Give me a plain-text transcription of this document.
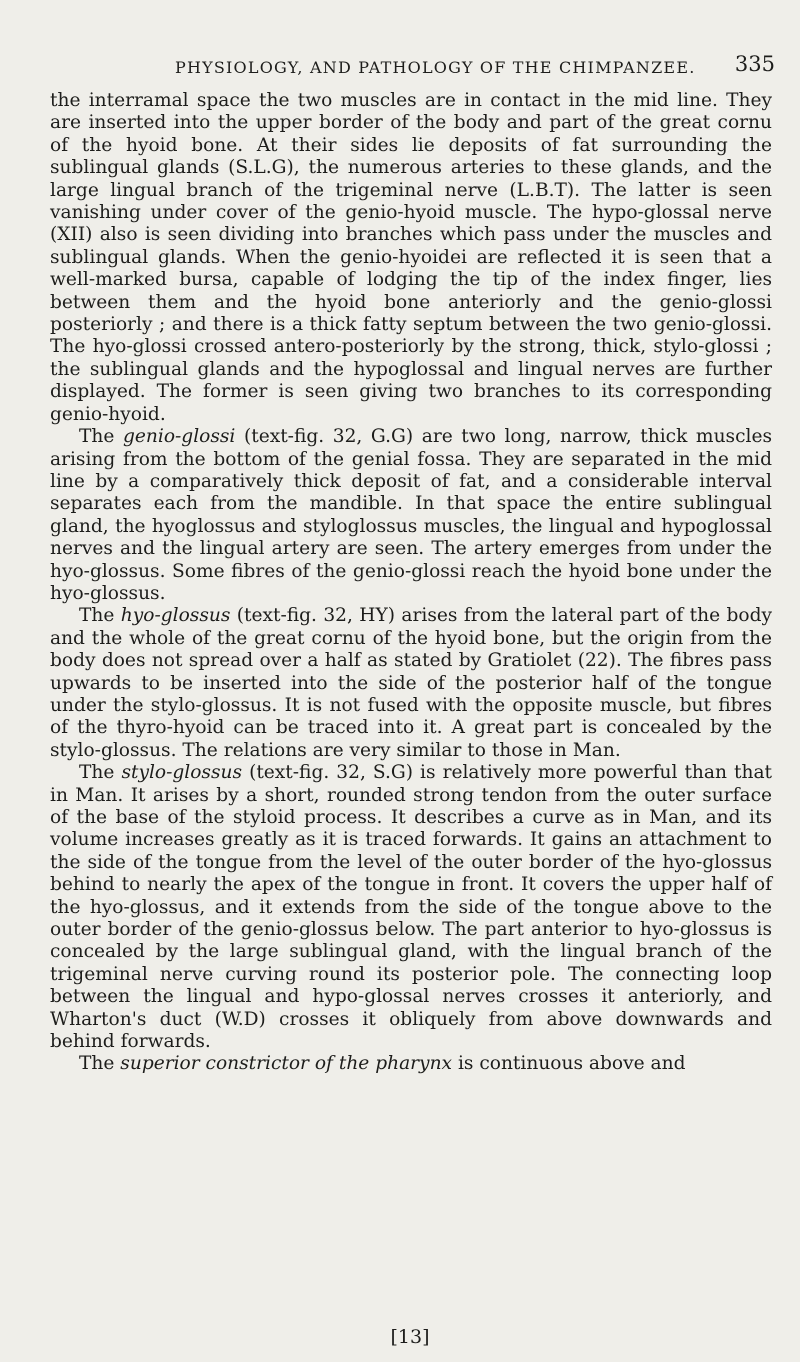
PHYSIOLOGY, AND PATHOLOGY OF THE CHIMPANZEE. 335

the interramal space the two muscles are in contact in the mid line. They are inserted into the upper border of the body and part of the great cornu of the hyoid bone. At their sides lie deposits of fat surrounding the sublingual glands (S.L.G), the numerous arteries to these glands, and the large lingual branch of the trigeminal nerve (L.B.T). The latter is seen vanishing under cover of the genio-hyoid muscle. The hypo-glossal nerve (XII) also is seen dividing into branches which pass under the muscles and sublingual glands. When the genio-hyoidei are reflected it is seen that a well-marked bursa, capable of lodging the tip of the index finger, lies between them and the hyoid bone anteriorly and the genio-glossi posteriorly ; and there is a thick fatty septum between the two genio-glossi. The hyo-glossi crossed antero-posteriorly by the strong, thick, stylo-glossi ; the sublingual glands and the hypoglossal and lingual nerves are further displayed. The former is seen giving two branches to its corresponding genio-hyoid.

The genio-glossi (text-fig. 32, G.G) are two long, narrow, thick muscles arising from the bottom of the genial fossa. They are separated in the mid line by a comparatively thick deposit of fat, and a considerable interval separates each from the mandible. In that space the entire sublingual gland, the hyoglossus and styloglossus muscles, the lingual and hypoglossal nerves and the lingual artery are seen. The artery emerges from under the hyo-glossus. Some fibres of the genio-glossi reach the hyoid bone under the hyo-glossus.

The hyo-glossus (text-fig. 32, HY) arises from the lateral part of the body and the whole of the great cornu of the hyoid bone, but the origin from the body does not spread over a half as stated by Gratiolet (22). The fibres pass upwards to be inserted into the side of the posterior half of the tongue under the stylo-glossus. It is not fused with the opposite muscle, but fibres of the thyro-hyoid can be traced into it. A great part is concealed by the stylo-glossus. The relations are very similar to those in Man.

The stylo-glossus (text-fig. 32, S.G) is relatively more powerful than that in Man. It arises by a short, rounded strong tendon from the outer surface of the base of the styloid process. It describes a curve as in Man, and its volume increases greatly as it is traced forwards. It gains an attachment to the side of the tongue from the level of the outer border of the hyo-glossus behind to nearly the apex of the tongue in front. It covers the upper half of the hyo-glossus, and it extends from the side of the tongue above to the outer border of the genio-glossus below. The part anterior to hyo-glossus is concealed by the large sublingual gland, with the lingual branch of the trigeminal nerve curving round its posterior pole. The connecting loop between the lingual and hypo-glossal nerves crosses it anteriorly, and Wharton's duct (W.D) crosses it obliquely from above downwards and behind forwards.

The superior constrictor of the pharynx is continuous above and

[13]
